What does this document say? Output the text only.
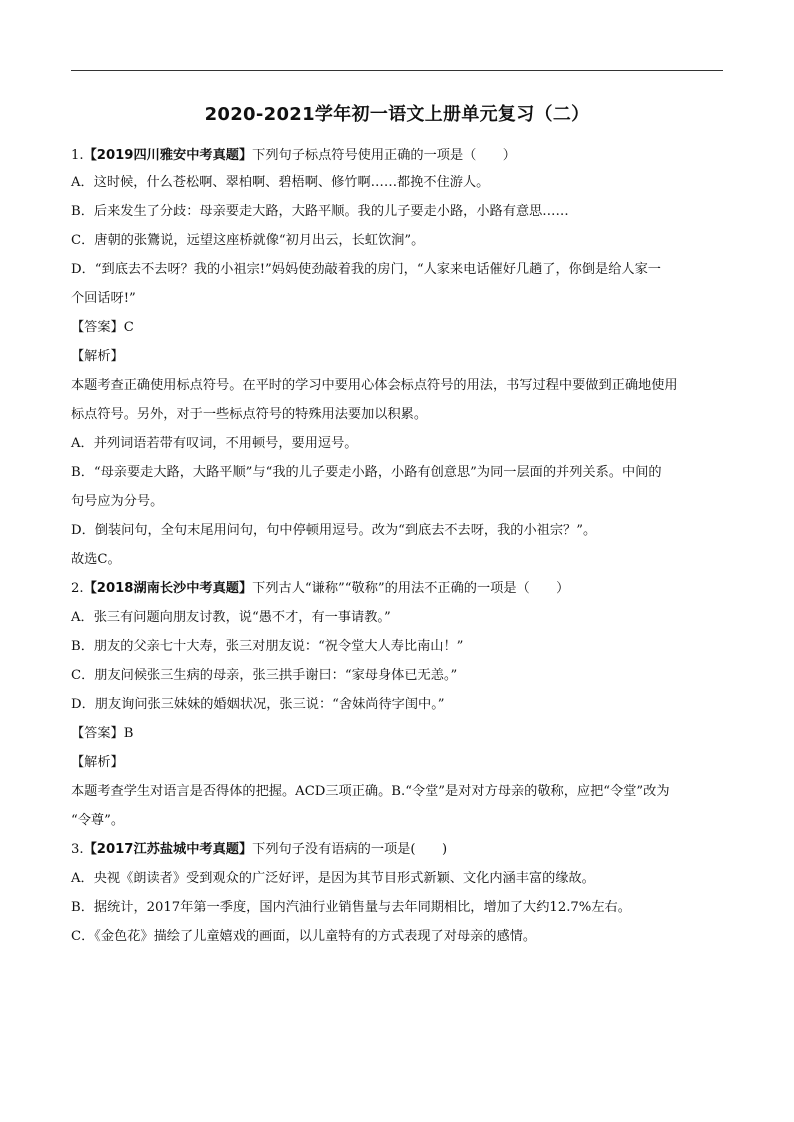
2020-2021学年初一语文上册单元复习（二）
1.【2019四川雅安中考真题】下列句子标点符号使用正确的一项是（　　）
A．这时候，什么苍松啊、翠柏啊、碧梧啊、修竹啊……都挽不住游人。
B．后来发生了分歧：母亲要走大路，大路平顺。我的儿子要走小路，小路有意思……
C．唐朝的张鷟说，远望这座桥就像“初月出云，长虹饮涧”。
D．“到底去不去呀？我的小祖宗!”妈妈使劲敲着我的房门，“人家来电话催好几趟了，你倒是给人家一
个回话呀!”
【答案】C
【解析】
本题考查正确使用标点符号。在平时的学习中要用心体会标点符号的用法，书写过程中要做到正确地使用
标点符号。另外，对于一些标点符号的特殊用法要加以积累。
A．并列词语若带有叹词，不用顿号，要用逗号。
B．“母亲要走大路，大路平顺”与“我的儿子要走小路，小路有创意思”为同一层面的并列关系。中间的
句号应为分号。
D．倒装问句，全句末尾用问句，句中停顿用逗号。改为“到底去不去呀，我的小祖宗？”。
故选C。
2.【2018湖南长沙中考真题】下列古人“谦称”“敬称”的用法不正确的一项是（　　）
A．张三有问题向朋友讨教，说“愚不才，有一事请教。”
B．朋友的父亲七十大寿，张三对朋友说：“祝令堂大人寿比南山！”
C．朋友问候张三生病的母亲，张三拱手谢曰：“家母身体已无恙。”
D．朋友询问张三妹妹的婚姻状况，张三说：“舍妹尚待字闺中。”
【答案】B
【解析】
本题考查学生对语言是否得体的把握。ACD三项正确。B.“令堂”是对对方母亲的敬称，应把“令堂”改为
“令尊”。
3.【2017江苏盐城中考真题】下列句子没有语病的一项是(　　)
A．央视《朗读者》受到观众的广泛好评，是因为其节目形式新颖、文化内涵丰富的缘故。
B．据统计，2017年第一季度，国内汽油行业销售量与去年同期相比，增加了大约12.7%左右。
C．《金色花》描绘了儿童嬉戏的画面，以儿童特有的方式表现了对母亲的感情。
